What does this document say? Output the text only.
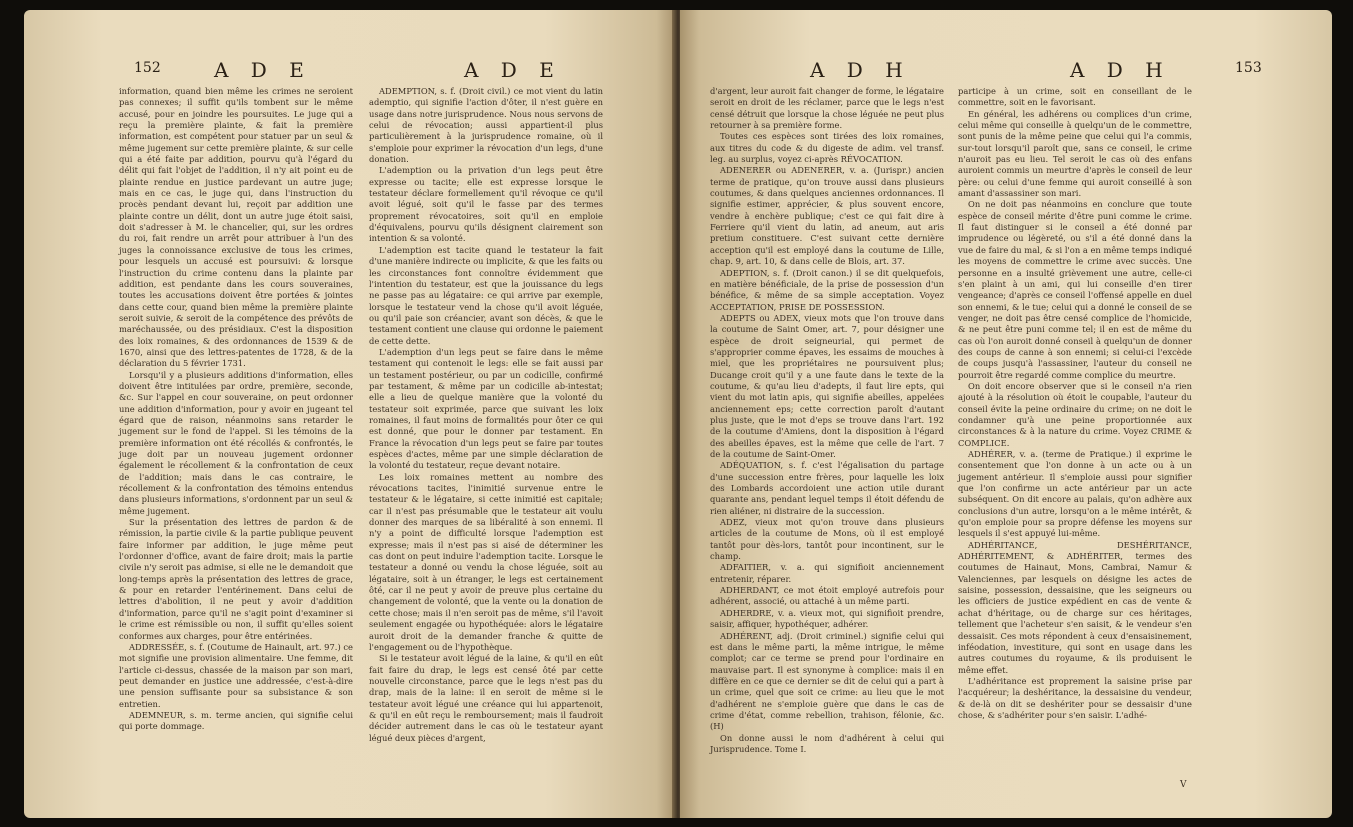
152	A D E	A D E

information, quand bien même les crimes ne seroient pas connexes; il suffit qu'ils tombent sur le même accusé, pour en joindre les poursuites. Le juge qui a reçu la première plainte, & fait la première information, est compétent pour statuer par un seul & même jugement sur cette première plainte, & sur celle qui a été faite par addition, pourvu qu'à l'égard du délit qui fait l'objet de l'addition, il n'y ait point eu de plainte rendue en justice pardevant un autre juge; mais en ce cas, le juge qui, dans l'instruction du procès pendant devant lui, reçoit par addition une plainte contre un délit, dont un autre juge étoit saisi, doit s'adresser à M. le chancelier, qui, sur les ordres du roi, fait rendre un arrêt pour attribuer à l'un des juges la connoissance exclusive de tous les crimes, pour lesquels un accusé est poursuivi: & lorsque l'instruction du crime contenu dans la plainte par addition, est pendante dans les cours souveraines, toutes les accusations doivent être portées & jointes dans cette cour, quand bien même la première plainte seroit suivie, & seroit de la compétence des prévôts de maréchaussée, ou des présidiaux. C'est la disposition des loix romaines, & des ordonnances de 1539 & de 1670, ainsi que des lettres-patentes de 1728, & de la déclaration du 5 février 1731.

Lorsqu'il y a plusieurs additions d'information, elles doivent être intitulées par ordre, première, seconde, &c. Sur l'appel en cour souveraine, on peut ordonner une addition d'information, pour y avoir en jugeant tel égard que de raison, néanmoins sans retarder le jugement sur le fond de l'appel. Si les témoins de la première information ont été récollés & confrontés, le juge doit par un nouveau jugement ordonner également le récollement & la confrontation de ceux de l'addition; mais dans le cas contraire, le récollement & la confrontation des témoins entendus dans plusieurs informations, s'ordonnent par un seul & même jugement.

Sur la présentation des lettres de pardon & de rémission, la partie civile & la partie publique peuvent faire informer par addition, le juge même peut l'ordonner d'office, avant de faire droit; mais la partie civile n'y seroit pas admise, si elle ne le demandoit que long-temps après la présentation des lettres de grace, & pour en retarder l'entérinement. Dans celui de lettres d'abolition, il ne peut y avoir d'addition d'information, parce qu'il ne s'agit point d'examiner si le crime est rémissible ou non, il suffit qu'elles soient conformes aux charges, pour être entérinées.

ADDRESSÉE, s. f. (Coutume de Hainault, art. 97.) ce mot signifie une provision alimentaire. Une femme, dit l'article ci-dessus, chassée de la maison par son mari, peut demander en justice une addressée, c'est-à-dire une pension suffisante pour sa subsistance & son entretien.

ADEMNEUR, s. m. terme ancien, qui signifie celui qui porte dommage.

ADEMPTION, s. f. (Droit civil.) ce mot vient du latin ademptio, qui signifie l'action d'ôter, il n'est guère en usage dans notre jurisprudence. Nous nous servons de celui de révocation; aussi appartient-il plus particulièrement à la jurisprudence romaine, où il s'emploie pour exprimer la révocation d'un legs, d'une donation.

L'ademption ou la privation d'un legs peut être expresse ou tacite; elle est expresse lorsque le testateur déclare formellement qu'il révoque ce qu'il avoit légué, soit qu'il le fasse par des termes proprement révocatoires, soit qu'il en emploie d'équivalens, pourvu qu'ils désignent clairement son intention & sa volonté.

L'ademption est tacite quand le testateur la fait d'une manière indirecte ou implicite, & que les faits ou les circonstances font connoître évidemment que l'intention du testateur, est que la jouissance du legs ne passe pas au légataire: ce qui arrive par exemple, lorsque le testateur vend la chose qu'il avoit léguée, ou qu'il paie son créancier, avant son décès, & que le testament contient une clause qui ordonne le paiement de cette dette.

L'ademption d'un legs peut se faire dans le même testament qui contenoit le legs: elle se fait aussi par un testament postérieur, ou par un codicille, confirmé par testament, & même par un codicille ab-intestat; elle a lieu de quelque manière que la volonté du testateur soit exprimée, parce que suivant les loix romaines, il faut moins de formalités pour ôter ce qui est donné, que pour le donner par testament. En France la révocation d'un legs peut se faire par toutes espèces d'actes, même par une simple déclaration de la volonté du testateur, reçue devant notaire.

Les loix romaines mettent au nombre des révocations tacites, l'inimitié survenue entre le testateur & le légataire, si cette inimitié est capitale; car il n'est pas présumable que le testateur ait voulu donner des marques de sa libéralité à son ennemi. Il n'y a point de difficulté lorsque l'ademption est expresse; mais il n'est pas si aisé de déterminer les cas dont on peut induire l'ademption tacite. Lorsque le testateur a donné ou vendu la chose léguée, soit au légataire, soit à un étranger, le legs est certainement ôté, car il ne peut y avoir de preuve plus certaine du changement de volonté, que la vente ou la donation de cette chose; mais il n'en seroit pas de même, s'il l'avoit seulement engagée ou hypothéquée: alors le légataire auroit droit de la demander franche & quitte de l'engagement ou de l'hypothèque.

Si le testateur avoit légué de la laine, & qu'il en eût fait faire du drap, le legs est censé ôté par cette nouvelle circonstance, parce que le legs n'est pas du drap, mais de la laine: il en seroit de même si le testateur avoit légué une créance qui lui appartenoit, & qu'il en eût reçu le remboursement; mais il faudroit décider autrement dans le cas où le testateur ayant légué deux pièces d'argent,

A D H	A D H	153

d'argent, leur auroit fait changer de forme, le légataire seroit en droit de les réclamer, parce que le legs n'est censé détruit que lorsque la chose léguée ne peut plus retourner à sa première forme.

Toutes ces espèces sont tirées des loix romaines, aux titres du code & du digeste de adim. vel transf. leg. au surplus, voyez ci-après RÉVOCATION.

ADENERER ou ADENERER, v. a. (Jurispr.) ancien terme de pratique, qu'on trouve aussi dans plusieurs coutumes, & dans quelques anciennes ordonnances. Il signifie estimer, apprécier, & plus souvent encore, vendre à enchère publique; c'est ce qui fait dire à Ferriere qu'il vient du latin, ad aneum, aut aris pretium constituere. C'est suivant cette dernière acception qu'il est employé dans la coutume de Lille, chap. 9, art. 10, & dans celle de Blois, art. 37.

ADEPTION, s. f. (Droit canon.) il se dit quelquefois, en matière bénéficiale, de la prise de possession d'un bénéfice, & même de sa simple acceptation. Voyez ACCEPTATION, PRISE DE POSSESSION.

ADEPTS ou ADEX, vieux mots que l'on trouve dans la coutume de Saint Omer, art. 7, pour désigner une espèce de droit seigneurial, qui permet de s'approprier comme épaves, les essaims de mouches à miel, que les propriétaires ne poursuivent plus; Ducange croit qu'il y a une faute dans le texte de la coutume, & qu'au lieu d'adepts, il faut lire epts, qui vient du mot latin apis, qui signifie abeilles, appelées anciennement eps; cette correction paroît d'autant plus juste, que le mot d'eps se trouve dans l'art. 192 de la coutume d'Amiens, dont la disposition à l'égard des abeilles épaves, est la même que celle de l'art. 7 de la coutume de Saint-Omer.

ADÉQUATION, s. f. c'est l'égalisation du partage d'une succession entre frères, pour laquelle les loix des Lombards accordoient une action utile durant quarante ans, pendant lequel temps il étoit défendu de rien aliéner, ni distraire de la succession.

ADEZ, vieux mot qu'on trouve dans plusieurs articles de la coutume de Mons, où il est employé tantôt pour dès-lors, tantôt pour incontinent, sur le champ.

ADFAITIER, v. a. qui signifioit anciennement entretenir, réparer.

ADHERDANT, ce mot étoit employé autrefois pour adhérent, associé, ou attaché à un même parti.

ADHERDRE, v. a. vieux mot, qui signifioit prendre, saisir, affiquer, hypothéquer, adhérer.

ADHÉRENT, adj. (Droit criminel.) signifie celui qui est dans le même parti, la même intrigue, le même complot; car ce terme se prend pour l'ordinaire en mauvaise part. Il est synonyme à complice: mais il en diffère en ce que ce dernier se dit de celui qui a part à un crime, quel que soit ce crime: au lieu que le mot d'adhérent ne s'emploie guère que dans le cas de crime d'état, comme rebellion, trahison, félonie, &c. (H)

On donne aussi le nom d'adhérent à celui qui Jurisprudence. Tome I.

participe à un crime, soit en conseillant de le commettre, soit en le favorisant.

En général, les adhérens ou complices d'un crime, celui même qui conseille à quelqu'un de le commettre, sont punis de la même peine que celui qui l'a commis, sur-tout lorsqu'il paroît que, sans ce conseil, le crime n'auroit pas eu lieu. Tel seroit le cas où des enfans auroient commis un meurtre d'après le conseil de leur père: ou celui d'une femme qui auroit conseillé à son amant d'assassiner son mari.

On ne doit pas néanmoins en conclure que toute espèce de conseil mérite d'être puni comme le crime. Il faut distinguer si le conseil a été donné par imprudence ou légèreté, ou s'il a été donné dans la vue de faire du mal, & si l'on a en même temps indiqué les moyens de commettre le crime avec succès. Une personne en a insulté grièvement une autre, celle-ci s'en plaint à un ami, qui lui conseille d'en tirer vengeance; d'après ce conseil l'offensé appelle en duel son ennemi, & le tue; celui qui a donné le conseil de se venger, ne doit pas être censé complice de l'homicide, & ne peut être puni comme tel; il en est de même du cas où l'on auroit donné conseil à quelqu'un de donner des coups de canne à son ennemi; si celui-ci l'excède de coups jusqu'à l'assassiner, l'auteur du conseil ne pourroit être regardé comme complice du meurtre.

On doit encore observer que si le conseil n'a rien ajouté à la résolution où étoit le coupable, l'auteur du conseil évite la peine ordinaire du crime; on ne doit le condamner qu'à une peine proportionnée aux circonstances & à la nature du crime. Voyez CRIME & COMPLICE.

ADHÉRER, v. a. (terme de Pratique.) il exprime le consentement que l'on donne à un acte ou à un jugement antérieur. Il s'emploie aussi pour signifier que l'on confirme un acte antérieur par un acte subséquent. On dit encore au palais, qu'on adhère aux conclusions d'un autre, lorsqu'on a le même intérêt, & qu'on emploie pour sa propre défense les moyens sur lesquels il s'est appuyé lui-même.

ADHÉRITANCE, DESHÉRITANCE, ADHÉRITEMENT, & ADHÉRITER, termes des coutumes de Hainaut, Mons, Cambrai, Namur & Valenciennes, par lesquels on désigne les actes de saisine, possession, dessaisine, que les seigneurs ou les officiers de justice expédient en cas de vente & achat d'héritage, ou de charge sur ces héritages, tellement que l'acheteur s'en saisit, & le vendeur s'en dessaisit. Ces mots répondent à ceux d'ensaisinement, inféodation, investiture, qui sont en usage dans les autres coutumes du royaume, & ils produisent le même effet.

L'adhéritance est proprement la saisine prise par l'acquéreur; la deshéritance, la dessaisine du vendeur, & de-là on dit se deshériter pour se dessaisir d'une chose, & s'adhériter pour s'en saisir. L'adhé-

V
